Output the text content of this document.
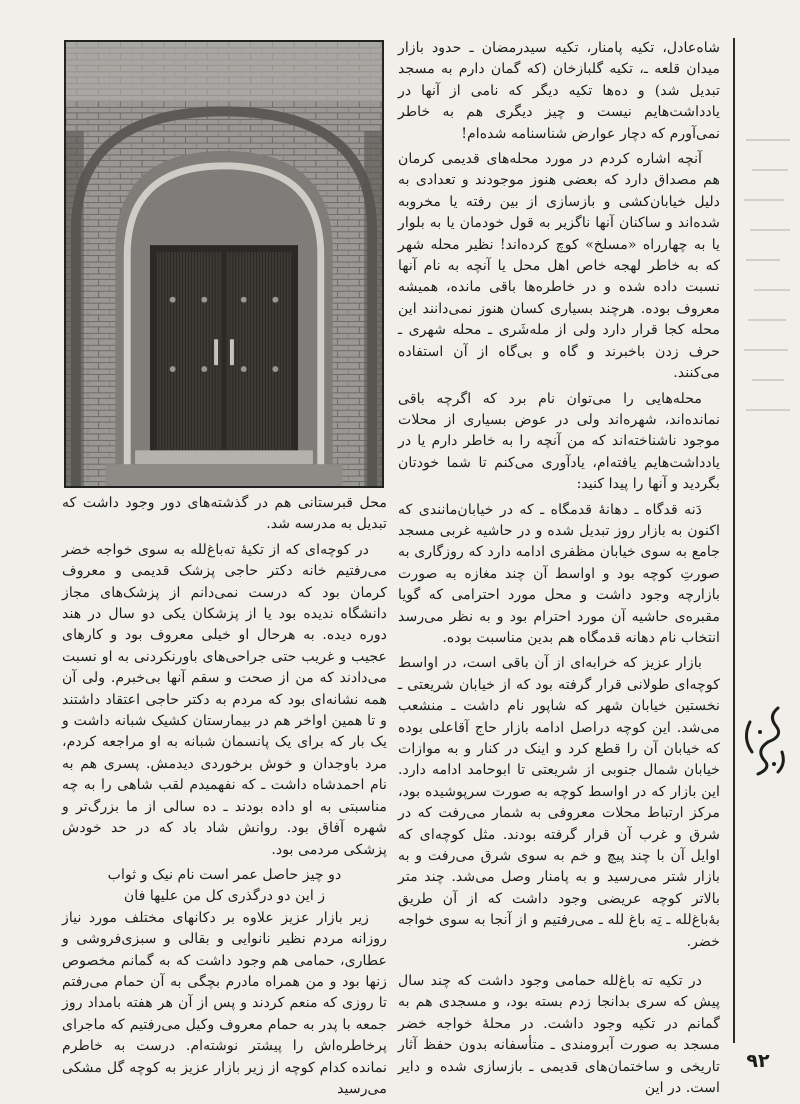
محل قبرستانی هم در گذشته‌های دور وجود داشت که تبدیل به مدرسه شد.

در کوچه‌ای که از تکیهٔ ته‌باغ‌لله به سوی خواجه خضر می‌رفتیم خانه دکتر حاجی پزشک قدیمی و معروف کرمان بود که درست نمی‌دانم از پزشک‌های مجاز دانشگاه ندیده بود یا از پزشکان یکی دو سال در هند دوره دیده. به هرحال او خیلی معروف بود و کارهای عجیب و غریب حتی جراحی‌های باورنکردنی به او نسبت می‌دادند که من از صحت و سقم آنها بی‌خبرم. ولی آن همه نشانه‌ای بود که مردم به دکتر حاجی اعتقاد داشتند و تا همین اواخر هم در بیمارستان کشیک شبانه داشت و یک بار که برای یک پانسمان شبانه به او مراجعه کردم، مرد باوجدان و خوش برخوردی دیدمش. پسری هم به نام احمدشاه داشت ـ که نفهمیدم لقب شاهی را به چه مناسبتی به او داده بودند ـ ده سالی از ما بزرگ‌تر و شهره آفاق بود. روانش شاد باد که در حد خودش پزشکی مردمی بود.

دو چیز حاصل عمر است نام نیک و ثواب

ز این دو درگذری کل من علیها فان

زیر بازار عزیز علاوه بر دکانهای مختلف مورد نیاز روزانه مردم نظیر نانوایی و بقالی و سبزی‌فروشی و عطاری، حمامی هم وجود داشت که به گمانم مخصوص زنها بود و من همراه مادرم بچگی به آن حمام می‌رفتم تا روزی که منعم کردند و پس از آن هر هفته بامداد روز جمعه با پدر به حمام معروف وکیل می‌رفتیم که ماجرای پرخاطره‌اش را پیشتر نوشته‌ام. درست به خاطرم نمانده کدام کوچه از زیر بازار عزیز به کوچه گل مشکی می‌رسید

شاه‌عادل، تکیه پامنار، تکیه سیدرمضان ـ حدود بازار میدان قلعه ـ، تکیه گلبازخان (که گمان دارم به مسجد تبدیل شد) و ده‌ها تکیه دیگر که نامی از آنها در یادداشت‌هایم نیست و چیز دیگری هم به خاطر نمی‌آورم که دچار عوارض شناسنامه شده‌ام!

آنچه اشاره کردم در مورد محله‌های قدیمی کرمان هم مصداق دارد که بعضی هنوز موجودند و تعدادی به دلیل خیابان‌کشی و بازسازی از بین رفته یا مخروبه شده‌اند و ساکنان آنها ناگزیر به قول خودمان یا به بلوار یا به چهارراه «مسلخ» کوچ کرده‌اند! نظیر محله شهر که به خاطر لهجه خاص اهل محل یا آنچه به نام آنها نسبت داده شده و در خاطره‌ها باقی مانده، همیشه معروف بوده. هرچند بسیاری کسان هنوز نمی‌دانند این محله کجا قرار دارد ولی از مله‌شَری ـ محله شهری ـ حرف زدن باخبرند و گاه و بی‌گاه از آن استفاده می‌کنند.

محله‌هایی را می‌توان نام برد که اگرچه باقی نمانده‌اند، شهره‌اند ولی در عوض بسیاری از محلات موجود ناشناخته‌اند که من آنچه را به خاطر دارم یا در یادداشت‌هایم یافته‌ام، یادآوری می‌کنم تا شما خودتان بگردید و آنها را پیدا کنید:

دَنه قدگاه ـ دهانهٔ قدمگاه ـ که در خیابان‌مانندی که اکنون به بازار روز تبدیل شده و در حاشیه غربی مسجد جامع به سوی خیابان مظفری ادامه دارد که روزگاری به صورتِ کوچه بود و اواسط آن چند مغازه به صورت بازارچه وجود داشت و محل مورد احترامی که گویا مقبره‌ی حاشیه آن مورد احترام بود و به نظر می‌رسد انتخاب نام دهانه قدمگاه هم بدین مناسبت بوده.

بازار عزیز که خرابه‌ای از آن باقی است، در اواسط کوچه‌ای طولانی قرار گرفته بود که از خیابان شریعتی ـ نخستین خیابان شهر که شاپور نام داشت ـ منشعب می‌شد. این کوچه دراصل ادامه بازار حاج آقاعلی بوده که خیابان آن را قطع کرد و اینک در کنار و به موازات خیابان شمال جنوبی از شریعتی تا ابوحامد ادامه دارد. این بازار که در اواسط کوچه به صورت سرپوشیده بود، مرکز ارتباط محلات معروفی به شمار می‌رفت که در شرق و غرب آن قرار گرفته بودند. مثل کوچه‌ای که اوایل آن با چند پیچ و خم به سوی شرق می‌رفت و به بازار شتر می‌رسید و به پامنار وصل می‌شد. چند متر بالاتر کوچه عریضی وجود داشت که از آن طریق بهٔ‌باغ‌لله ـ تِه باغ لله ـ می‌رفتیم و از آنجا به سوی خواجه خضر.

در تکیه ته باغ‌لله حمامی وجود داشت که چند سال پیش که سری بدانجا زدم بسته بود، و مسجدی هم به گمانم در تکیه وجود داشت. در محلهٔ خواجه خضر مسجد به صورت آبرومندی ـ متأسفانه بدون حفظ آثار تاریخی و ساختمان‌های قدیمی ـ بازسازی شده و دایر است. در این

۹۲
